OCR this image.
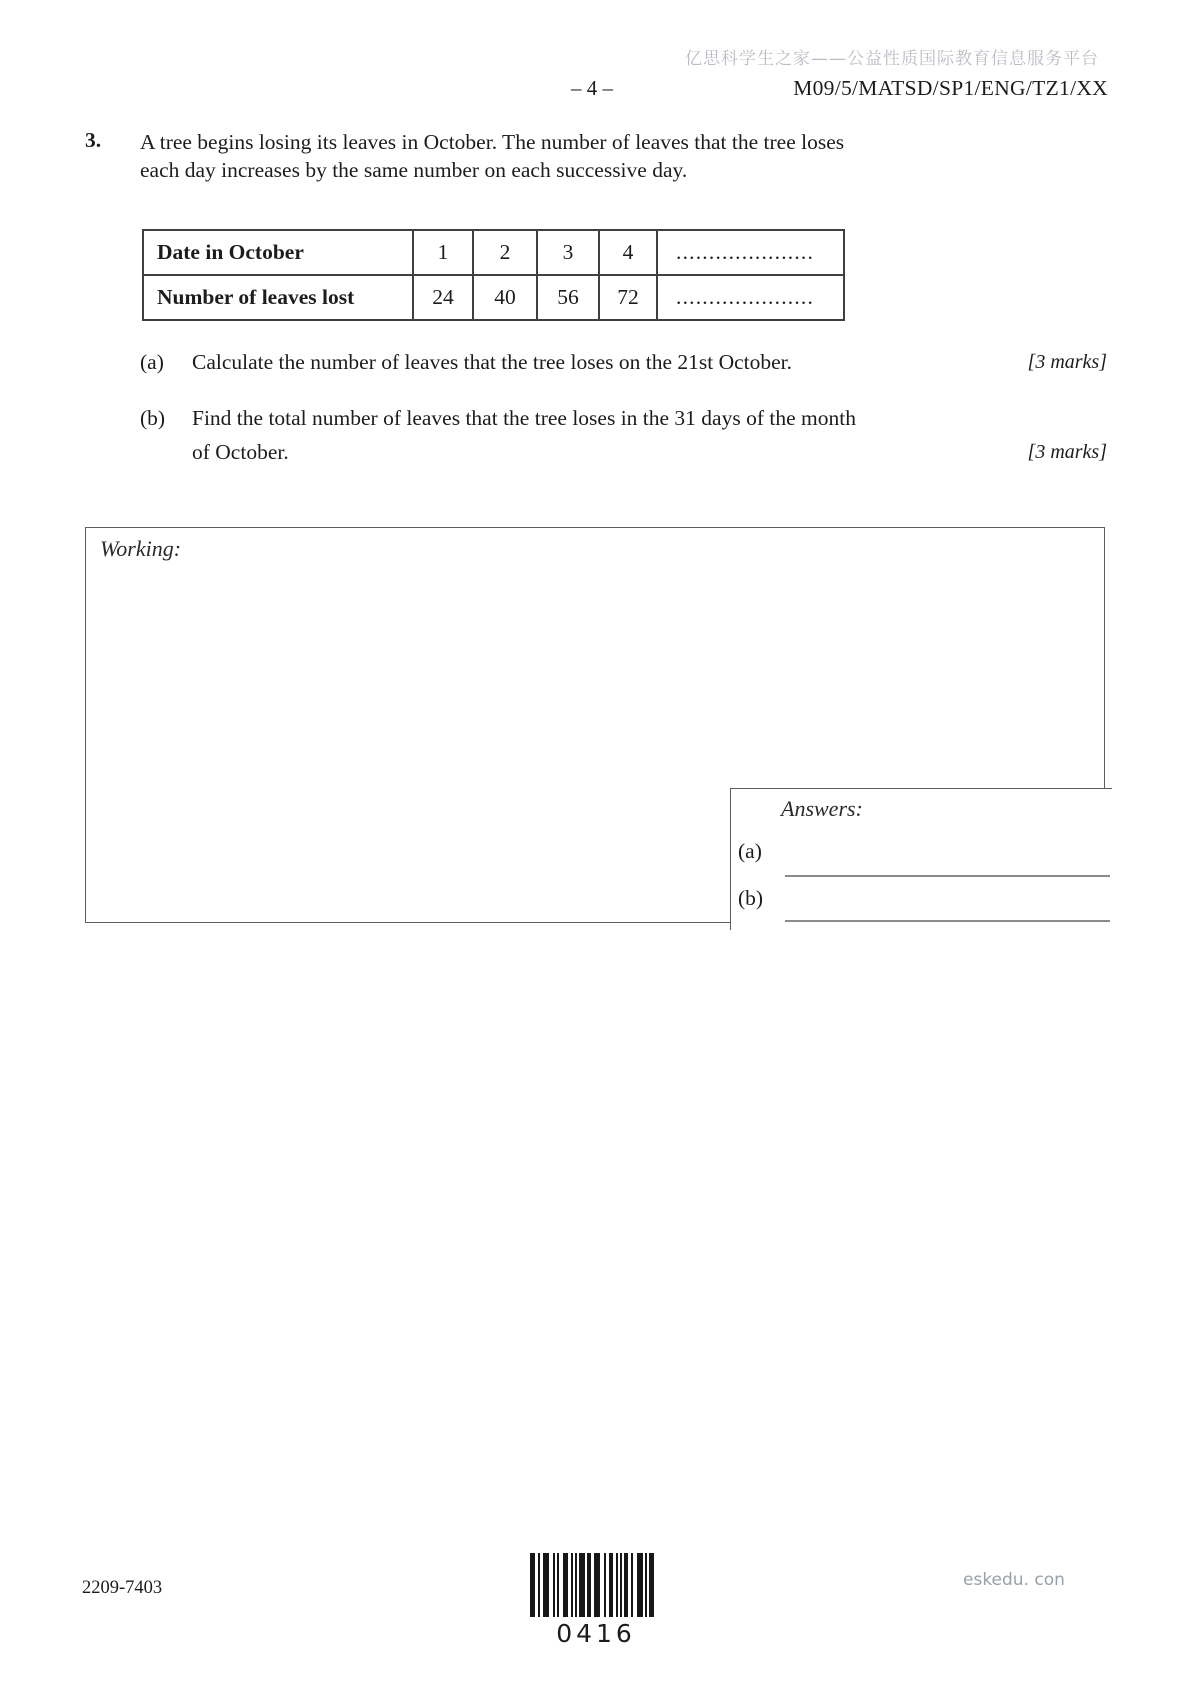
亿思科学生之家——公益性质国际教育信息服务平台
– 4 –	M09/5/MATSD/SP1/ENG/TZ1/XX
3. A tree begins losing its leaves in October. The number of leaves that the tree loses
each day increases by the same number on each successive day.
Date in October	1	2	3	4	.....................
Number of leaves lost	24	40	56	72	.....................
(a) Calculate the number of leaves that the tree loses on the 21st October.	[3 marks]
(b) Find the total number of leaves that the tree loses in the 31 days of the month
of October.	[3 marks]
Working:
Answers:
(a)
(b)
2209-7403
0416
eskedu. con
